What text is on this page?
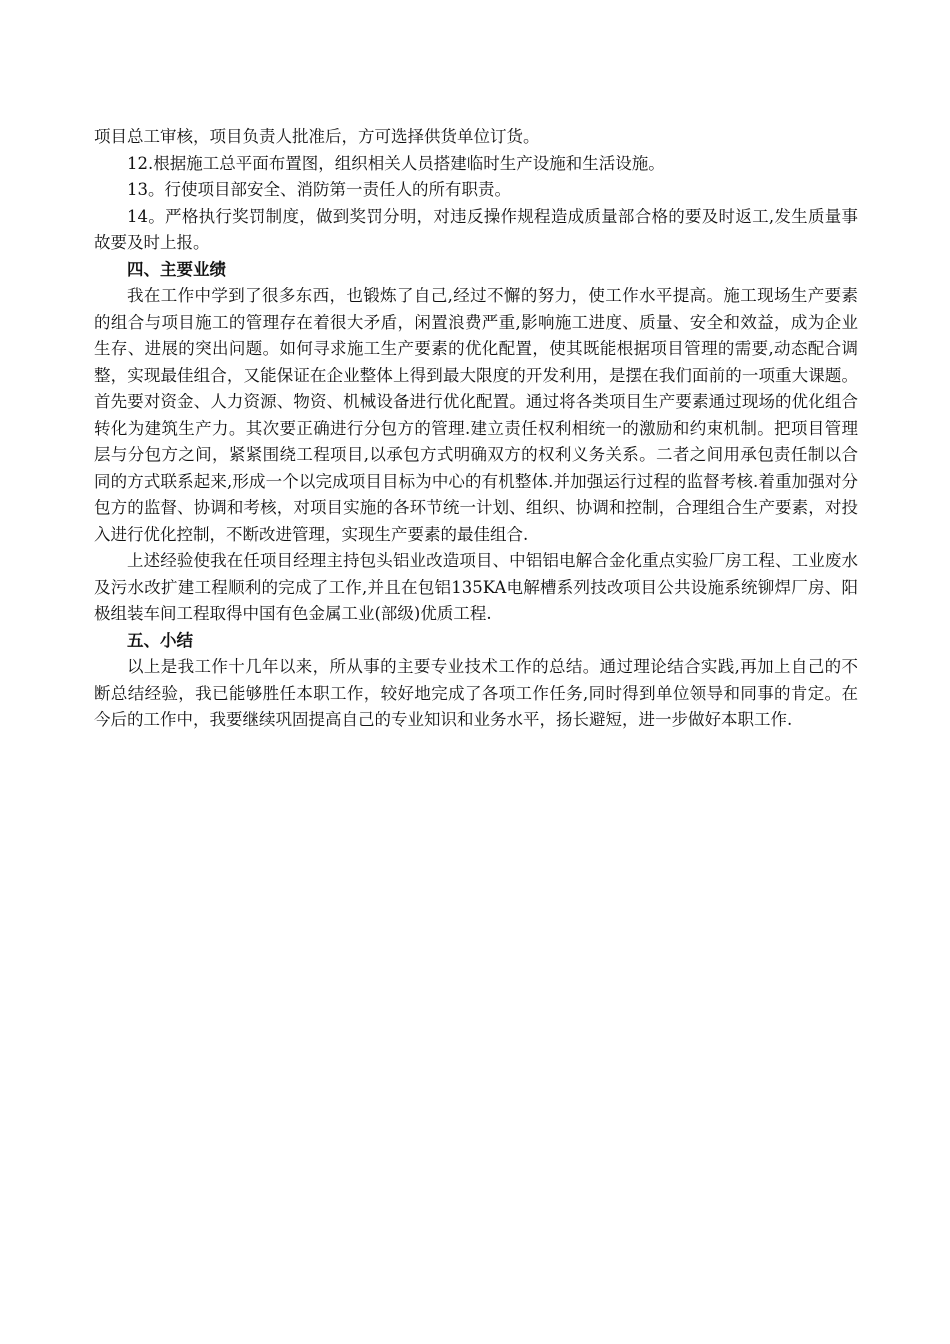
项目总工审核，项目负责人批准后，方可选择供货单位订货。

12.根据施工总平面布置图，组织相关人员搭建临时生产设施和生活设施。

13。行使项目部安全、消防第一责任人的所有职责。

14。严格执行奖罚制度，做到奖罚分明，对违反操作规程造成质量部合格的要及时返工,发生质量事故要及时上报。

四、主要业绩

我在工作中学到了很多东西，也锻炼了自己,经过不懈的努力，使工作水平提高。施工现场生产要素的组合与项目施工的管理存在着很大矛盾，闲置浪费严重,影响施工进度、质量、安全和效益，成为企业生存、进展的突出问题。如何寻求施工生产要素的优化配置，使其既能根据项目管理的需要,动态配合调整，实现最佳组合，又能保证在企业整体上得到最大限度的开发利用，是摆在我们面前的一项重大课题。首先要对资金、人力资源、物资、机械设备进行优化配置。通过将各类项目生产要素通过现场的优化组合转化为建筑生产力。其次要正确进行分包方的管理.建立责任权利相统一的激励和约束机制。把项目管理层与分包方之间，紧紧围绕工程项目,以承包方式明确双方的权利义务关系。二者之间用承包责任制以合同的方式联系起来,形成一个以完成项目目标为中心的有机整体.并加强运行过程的监督考核.着重加强对分包方的监督、协调和考核，对项目实施的各环节统一计划、组织、协调和控制，合理组合生产要素，对投入进行优化控制，不断改进管理，实现生产要素的最佳组合.

上述经验使我在任项目经理主持包头铝业改造项目、中铝铝电解合金化重点实验厂房工程、工业废水及污水改扩建工程顺利的完成了工作,并且在包铝135KA电解槽系列技改项目公共设施系统铆焊厂房、阳极组装车间工程取得中国有色金属工业(部级)优质工程.

五、小结

以上是我工作十几年以来，所从事的主要专业技术工作的总结。通过理论结合实践,再加上自己的不断总结经验，我已能够胜任本职工作，较好地完成了各项工作任务,同时得到单位领导和同事的肯定。在今后的工作中，我要继续巩固提高自己的专业知识和业务水平，扬长避短，进一步做好本职工作.
